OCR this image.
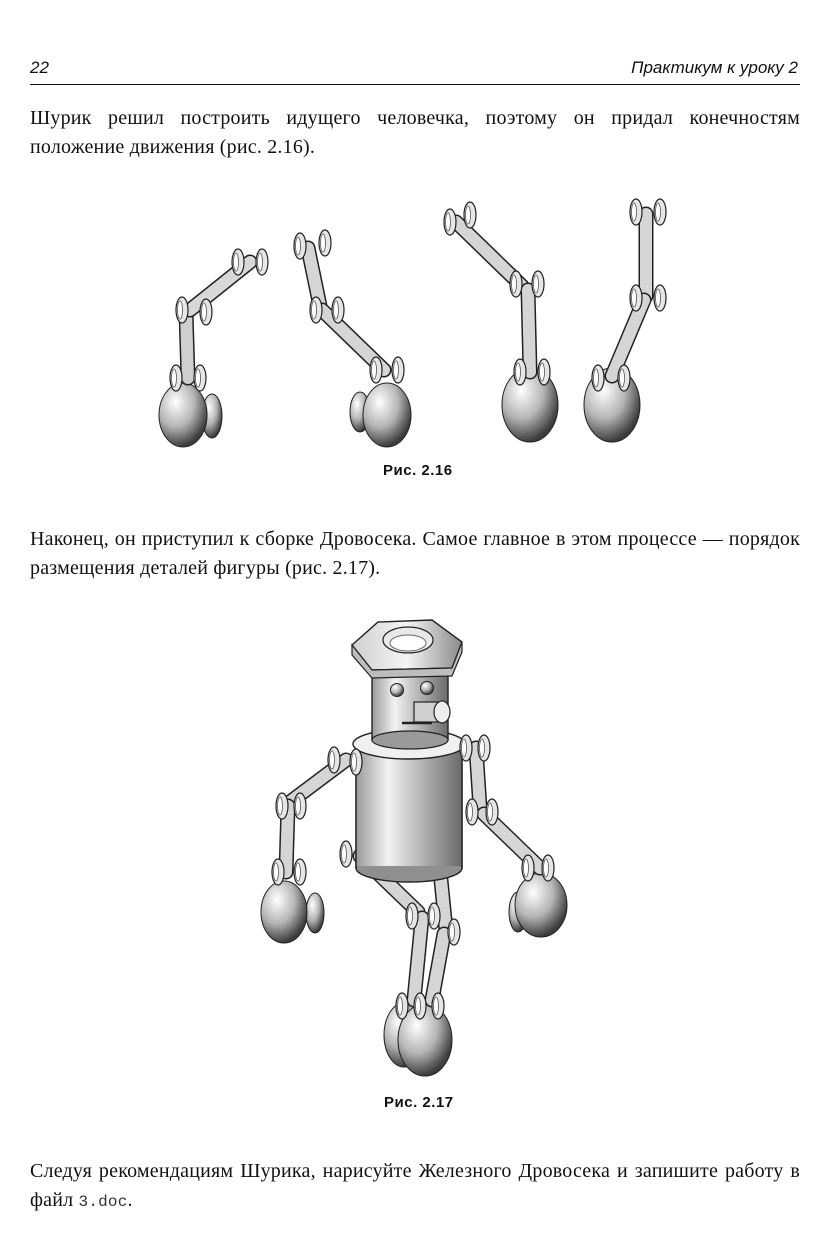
22	Практикум к уроку 2
Шурик решил построить идущего человечка, поэтому он придал конечностям положение движения (рис. 2.16).
Рис. 2.16
Наконец, он приступил к сборке Дровосека. Самое главное в этом процессе — порядок размещения деталей фигуры (рис. 2.17).
Рис. 2.17
Следуя рекомендациям Шурика, нарисуйте Железного Дровосека и запишите работу в файл 3.doc.
